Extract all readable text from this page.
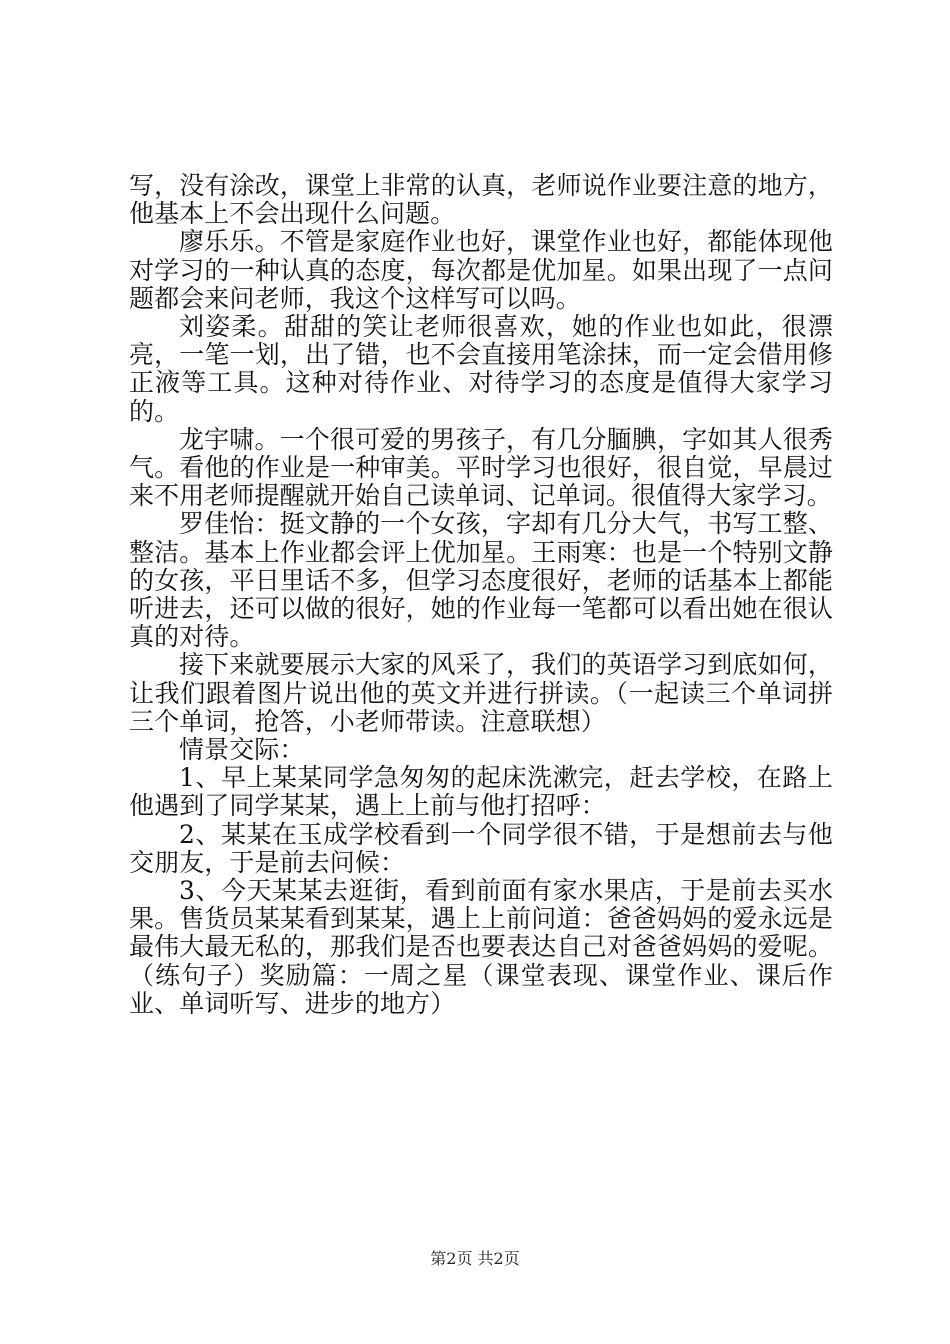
写，没有涂改，课堂上非常的认真，老师说作业要注意的地方，他基本上不会出现什么问题。

廖乐乐。不管是家庭作业也好，课堂作业也好，都能体现他对学习的一种认真的态度，每次都是优加星。如果出现了一点问题都会来问老师，我这个这样写可以吗。

刘姿柔。甜甜的笑让老师很喜欢，她的作业也如此，很漂亮，一笔一划，出了错，也不会直接用笔涂抹，而一定会借用修正液等工具。这种对待作业、对待学习的态度是值得大家学习的。

龙宇啸。一个很可爱的男孩子，有几分腼腆，字如其人很秀气。看他的作业是一种审美。平时学习也很好，很自觉，早晨过来不用老师提醒就开始自己读单词、记单词。很值得大家学习。

罗佳怡：挺文静的一个女孩，字却有几分大气，书写工整、整洁。基本上作业都会评上优加星。王雨寒：也是一个特别文静的女孩，平日里话不多，但学习态度很好，老师的话基本上都能听进去，还可以做的很好，她的作业每一笔都可以看出她在很认真的对待。

接下来就要展示大家的风采了，我们的英语学习到底如何，让我们跟着图片说出他的英文并进行拼读。（一起读三个单词拼三个单词，抢答，小老师带读。注意联想）

情景交际：

1、早上某某同学急匆匆的起床洗漱完，赶去学校，在路上他遇到了同学某某，遇上上前与他打招呼：

2、某某在玉成学校看到一个同学很不错，于是想前去与他交朋友，于是前去问候：

3、今天某某去逛街，看到前面有家水果店，于是前去买水果。售货员某某看到某某，遇上上前问道：爸爸妈妈的爱永远是最伟大最无私的，那我们是否也要表达自己对爸爸妈妈的爱呢。（练句子）奖励篇：一周之星（课堂表现、课堂作业、课后作业、单词听写、进步的地方）

第2页 共2页
